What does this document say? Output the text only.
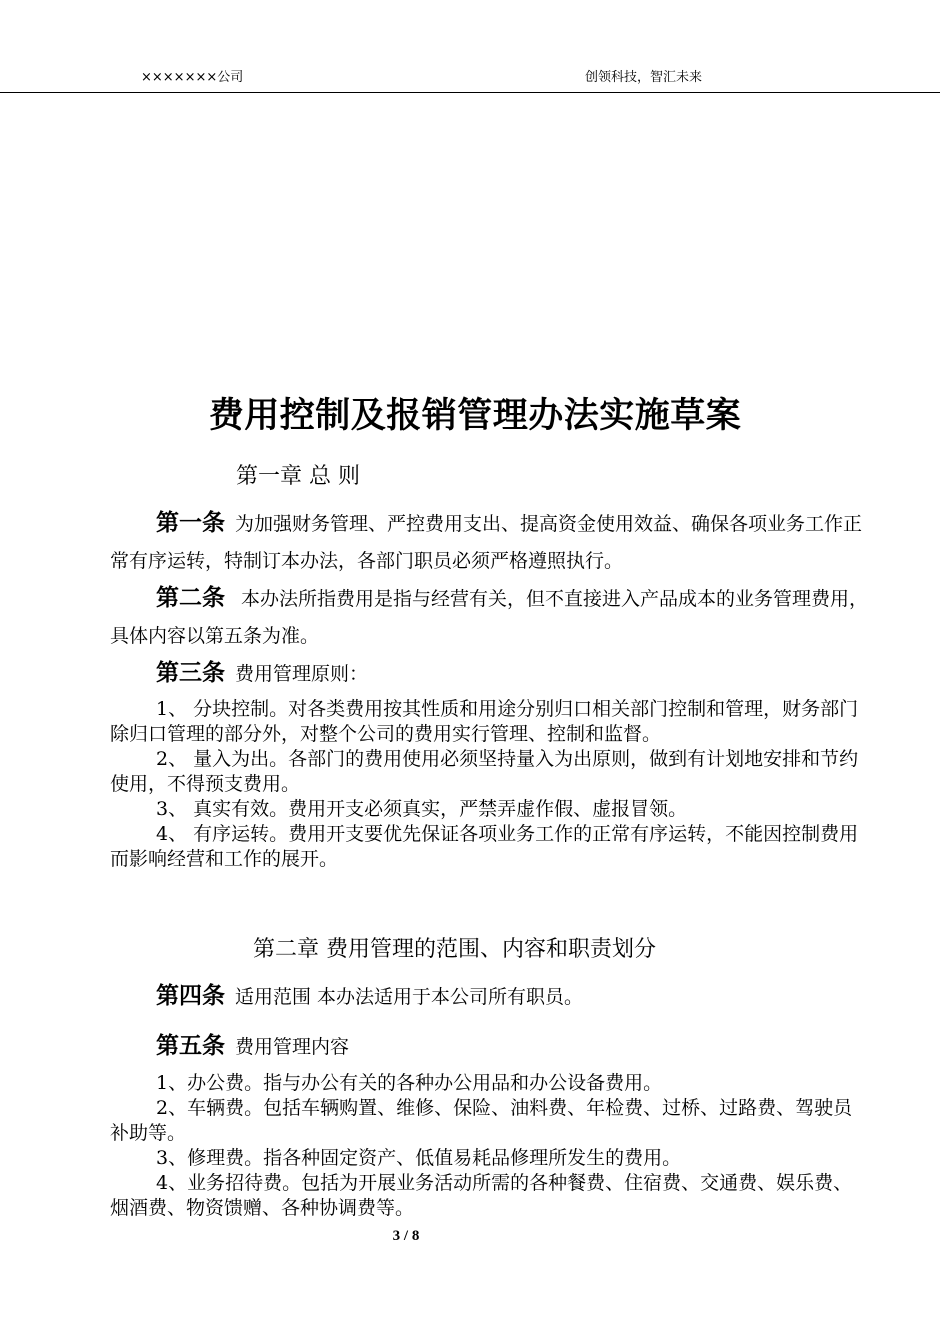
×××××××公司	创领科技，智汇未来
费用控制及报销管理办法实施草案
第一章 总 则
第一条 为加强财务管理、严控费用支出、提高资金使用效益、确保各项业务工作正常有序运转，特制订本办法，各部门职员必须严格遵照执行。
第二条 本办法所指费用是指与经营有关，但不直接进入产品成本的业务管理费用，具体内容以第五条为准。
第三条 费用管理原则：
1、 分块控制。对各类费用按其性质和用途分别归口相关部门控制和管理，财务部门除归口管理的部分外，对整个公司的费用实行管理、控制和监督。
2、 量入为出。各部门的费用使用必须坚持量入为出原则，做到有计划地安排和节约使用，不得预支费用。
3、 真实有效。费用开支必须真实，严禁弄虚作假、虚报冒领。
4、 有序运转。费用开支要优先保证各项业务工作的正常有序运转，不能因控制费用而影响经营和工作的展开。
第二章 费用管理的范围、内容和职责划分
第四条 适用范围 本办法适用于本公司所有职员。
第五条 费用管理内容
1、办公费。指与办公有关的各种办公用品和办公设备费用。
2、车辆费。包括车辆购置、维修、保险、油料费、年检费、过桥、过路费、驾驶员补助等。
3、修理费。指各种固定资产、低值易耗品修理所发生的费用。
4、业务招待费。包括为开展业务活动所需的各种餐费、住宿费、交通费、娱乐费、烟酒费、物资馈赠、各种协调费等。
3 / 8
